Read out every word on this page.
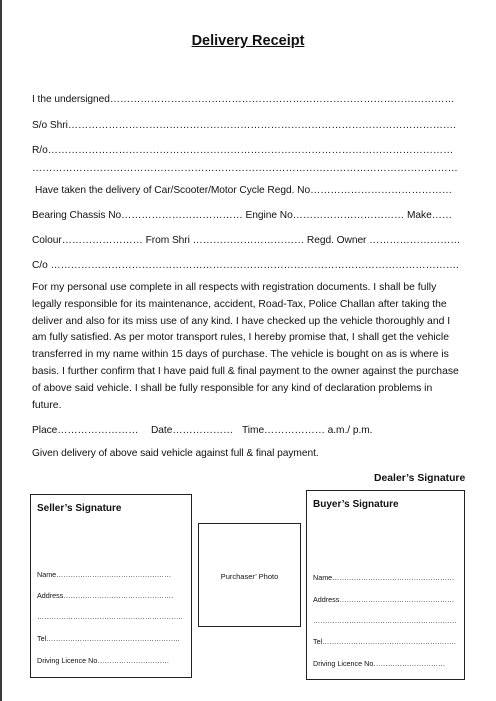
Delivery Receipt
I the undersigned…………………………………………………………………………………………
S/o Shri…………………………………………………………………………………………………….
R/o…………………………………………………………………………………………………………
………………………………………………………………………………………………………………
Have taken the delivery of Car/Scooter/Motor Cycle Regd. No……………………………………
Bearing Chassis No……………………………… Engine No…………………………… Make……
Colour…………………… From Shri …………………………… Regd. Owner ………………………
C/o ………………………………………………………………………………………………………….
For my personal use complete in all respects with registration documents. I shall be fully legally responsible for its maintenance, accident, Road-Tax, Police Challan after taking the deliver and also for its miss use of any kind. I have checked up the vehicle thoroughly and I am fully satisfied. As per motor transport rules, I hereby promise that, I shall get the vehicle transferred in my name within 15 days of purchase. The vehicle is bought on as is where is basis. I further confirm that I have paid full & final payment to the owner against the purchase of above said vehicle. I shall be fully responsible for any kind of declaration problems in future.
Place…………………… Date……………… Time……………… a.m./ p.m.
Given delivery of above said vehicle against full & final payment.
Dealer’s Signature
Seller’s Signature
Name…………………………………………
Address……………………………………….
…………………………………………………….
Tel………………………………………………..
Driving Licence No…………………………
Purchaser’ Photo
Buyer’s Signature
Name……………………………………………
Address…………………………………………
……………………………………………………
Tel………………………………………………..
Driving Licence No…………………………
